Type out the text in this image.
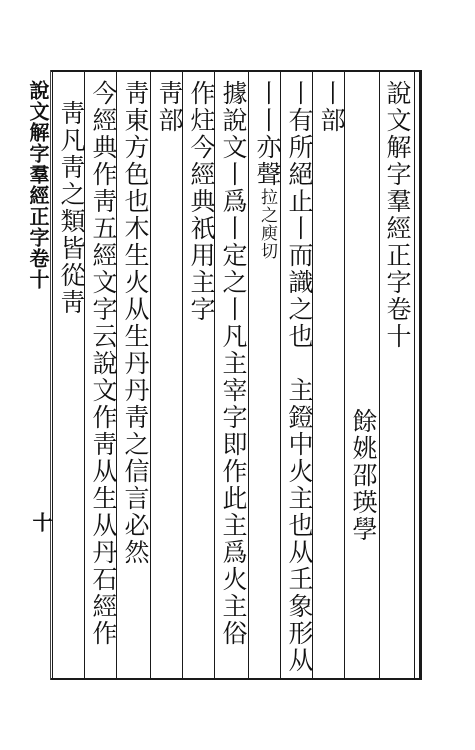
說文解字羣經正字卷十
十
說文解字羣經正字卷十
餘姚邵瑛學
丨部
丨有所絕止丨而識之也　主鐙中火主也从𡈼象形从
丨丨亦聲拉之庾切
據說文丨爲丨定之丨凡主宰字即作此主爲火主俗
作炷今經典祇用主字
靑部
靑東方色也木生火从生丹丹靑之信言必然
今經典作靑五經文字云說文作靑从生从丹石經作
靑凡靑之類皆從靑
